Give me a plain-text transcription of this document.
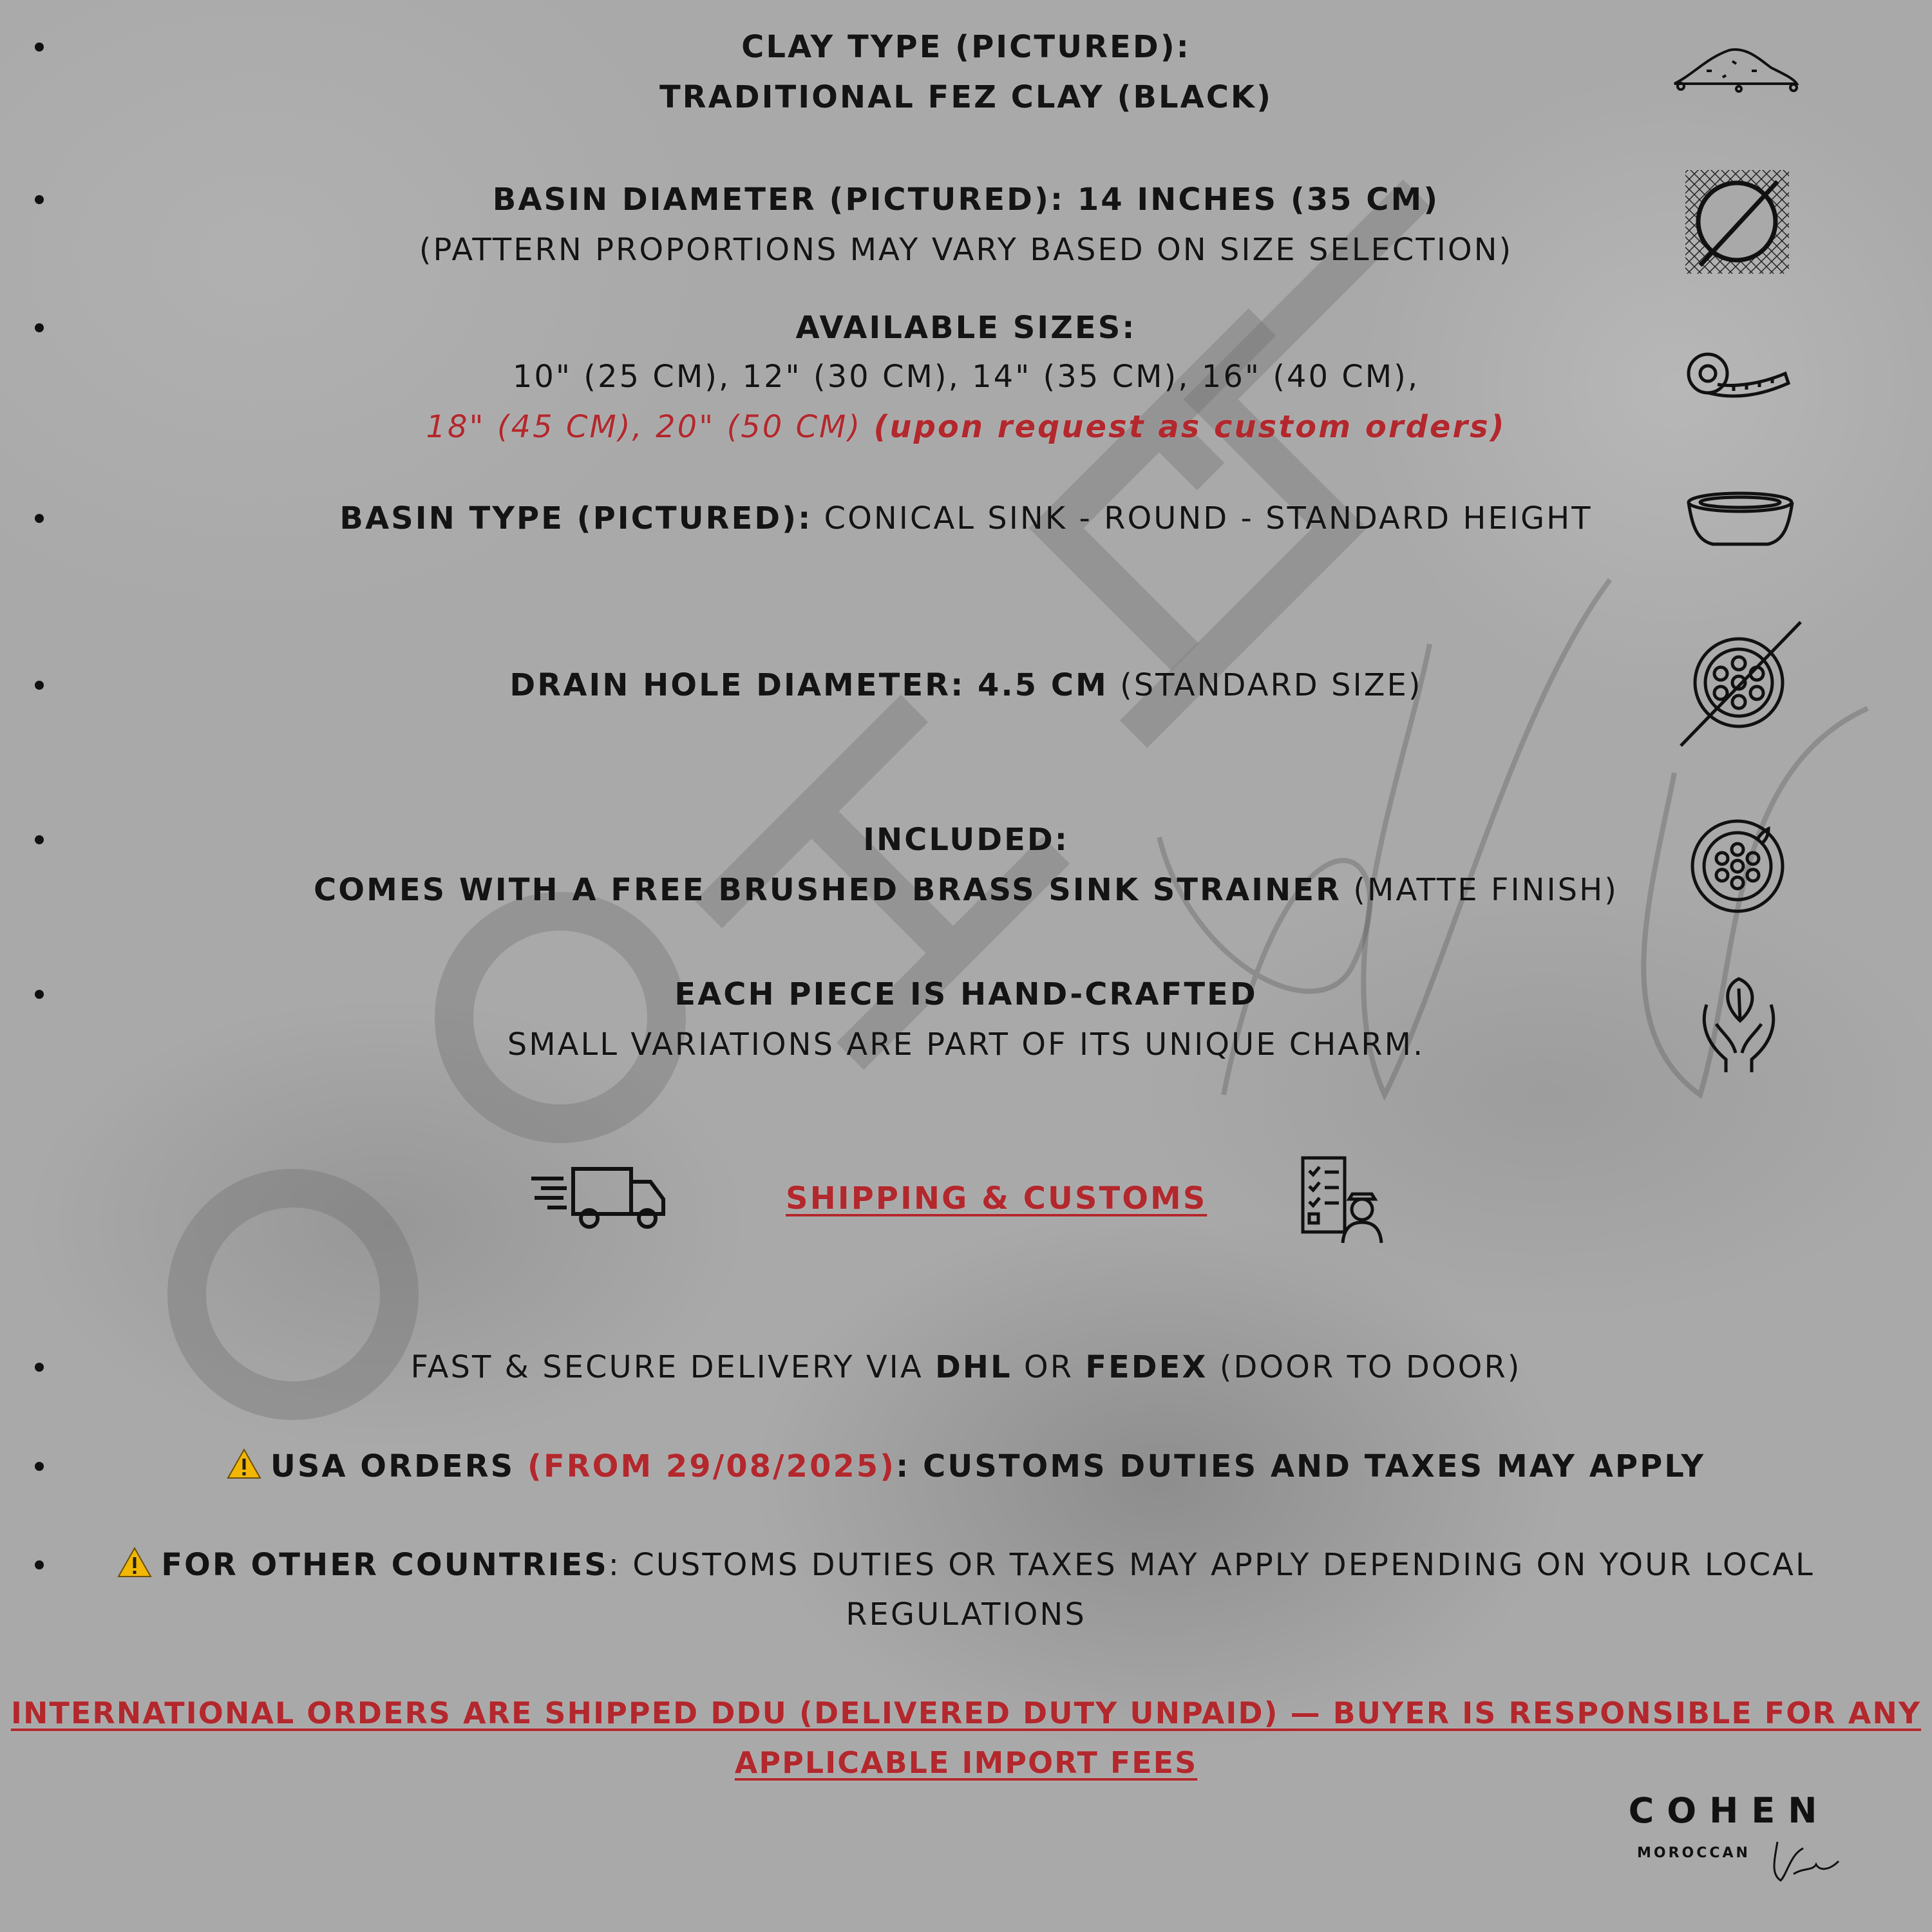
CLAY TYPE (PICTURED):
TRADITIONAL FEZ CLAY (BLACK)
BASIN DIAMETER (PICTURED): 14 INCHES (35 CM)
(PATTERN PROPORTIONS MAY VARY BASED ON SIZE SELECTION)
AVAILABLE SIZES:
10" (25 CM), 12" (30 CM), 14" (35 CM), 16" (40 CM),
18" (45 CM), 20" (50 CM) (upon request as custom orders)
BASIN TYPE (PICTURED): CONICAL SINK - ROUND - STANDARD HEIGHT
DRAIN HOLE DIAMETER: 4.5 CM (STANDARD SIZE)
INCLUDED:
COMES WITH A FREE BRUSHED BRASS SINK STRAINER (MATTE FINISH)
EACH PIECE IS HAND-CRAFTED
SMALL VARIATIONS ARE PART OF ITS UNIQUE CHARM.
SHIPPING & CUSTOMS
FAST & SECURE DELIVERY VIA DHL OR FEDEX (DOOR TO DOOR)
USA ORDERS (FROM 29/08/2025): CUSTOMS DUTIES AND TAXES MAY APPLY
FOR OTHER COUNTRIES: CUSTOMS DUTIES OR TAXES MAY APPLY DEPENDING ON YOUR LOCAL
REGULATIONS
INTERNATIONAL ORDERS ARE SHIPPED DDU (DELIVERED DUTY UNPAID) — BUYER IS RESPONSIBLE FOR ANY
APPLICABLE IMPORT FEES
COHEN
MOROCCAN
